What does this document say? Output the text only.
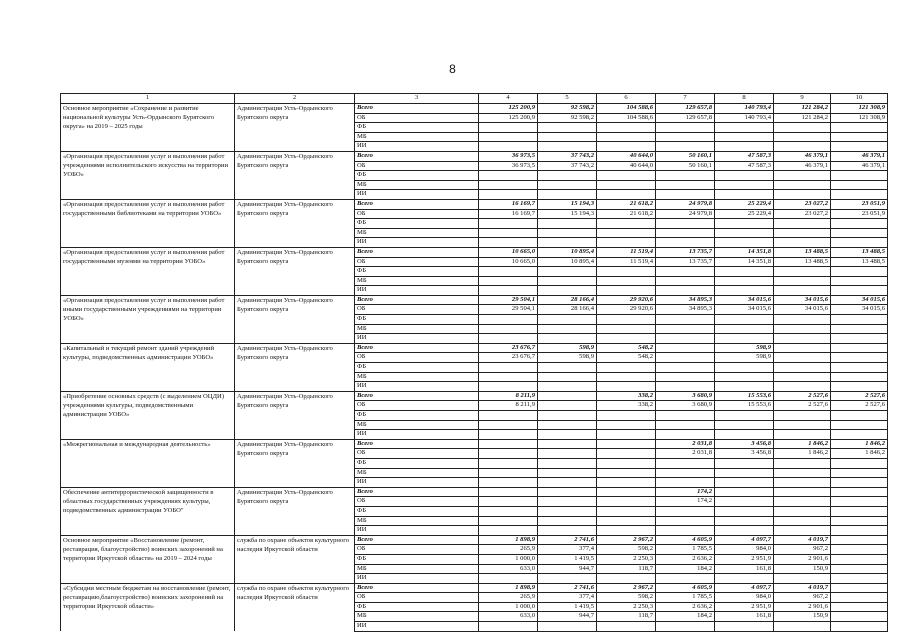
8
1	2	3	4	5	6	7	8	9	10

Основное мероприятие «Сохранение и развитие национальной культуры Усть-Ордынского Бурятского округа» на 2019 – 2025 годы	Администрация Усть-Ордынского Бурятского округа	Всего	125 200,9	92 598,2	104 588,6	129 657,8	140 793,4	121 284,2	121 308,9
		ОБ	125 200,9	92 598,2	104 588,6	129 657,8	140 793,4	121 284,2	121 308,9
		ФБ							
		МБ							
		ИИ							

«Организация предоставления услуг и выполнения работ учреждениями исполнительского искусства на территории УОБО»	Администрация Усть-Ордынского Бурятского округа	Всего	36 973,5	37 743,2	40 644,0	50 160,1	47 587,3	46 379,1	46 379,1
		ОБ	36 973,5	37 743,2	40 644,0	50 160,1	47 587,3	46 379,1	46 379,1
		ФБ							
		МБ							
		ИИ							

«Организация предоставления услуг и выполнения работ государственными библиотеками на территории УОБО»	Администрация Усть-Ордынского Бурятского округа	Всего	16 169,7	15 194,3	21 618,2	24 979,8	25 229,4	23 027,2	23 051,9
		ОБ	16 169,7	15 194,3	21 618,2	24 979,8	25 229,4	23 027,2	23 051,9
		ФБ							
		МБ							
		ИИ							

«Организация предоставления услуг и выполнения работ государственными музеями на территории УОБО»	Администрация Усть-Ордынского Бурятского округа	Всего	10 665,0	10 895,4	11 519,4	13 735,7	14 351,8	13 488,5	13 488,5
		ОБ	10 665,0	10 895,4	11 519,4	13 735,7	14 351,8	13 488,5	13 488,5
		ФБ							
		МБ							
		ИИ							

«Организация предоставления услуг и выполнения работ иными государственными учреждениями на территории УОБО»	Администрация Усть-Ордынского Бурятского округа	Всего	29 504,1	28 166,4	29 920,6	34 895,3	34 015,6	34 015,6	34 015,6
		ОБ	29 504,1	28 166,4	29 920,6	34 895,3	34 015,6	34 015,6	34 015,6
		ФБ							
		МБ							
		ИИ							

«Капитальный и текущий ремонт зданий учреждений культуры, подведомственных администрации УОБО»	Администрация Усть-Ордынского Бурятского округа	Всего	23 676,7	598,9	548,2		598,9		
		ОБ	23 676,7	598,9	548,2		598,9		
		ФБ							
		МБ							
		ИИ							

«Приобретение основных средств (с выделением ОЦДИ) учреждениями культуры, подведомственными администрации УОБО»	Администрация Усть-Ордынского Бурятского округа	Всего	8 211,9		338,2	3 680,9	15 553,6	2 527,6	2 527,6
		ОБ	8 211,9		338,2	3 680,9	15 553,6	2 527,6	2 527,6
		ФБ							
		МБ							
		ИИ							

«Межрегиональная и международная деятельность»	Администрация Усть-Ордынского Бурятского округа	Всего				2 031,8	3 456,8	1 846,2	1 846,2
		ОБ				2 031,8	3 456,8	1 846,2	1 846,2
		ФБ							
		МБ							
		ИИ							

Обеспечение антитеррористической защищенности в областных государственных учреждениях культуры, подведомственных администрации УОБО"	Администрация Усть-Ордынского Бурятского округа	Всего				174,2			
		ОБ				174,2			
		ФБ							
		МБ							
		ИИ							

Основное мероприятие «Восстановление (ремонт, реставрация, благоустройство) воинских захоронений на территории Иркутской области» на 2019 – 2024 годы	служба по охране объектов культурного наследия Иркутской области	Всего	1 898,9	2 741,6	2 967,2	4 605,9	4 097,7	4 019,7	
		ОБ	265,9	377,4	598,2	1 785,5	984,0	967,2	
		ФБ	1 000,0	1 419,5	2 250,3	2 636,2	2 951,9	2 901,6	
		МБ	633,0	944,7	118,7	184,2	161,8	150,9	
		ИИ							

«Субсидии местным бюджетам на восстановление (ремонт, реставрацию,благоустройство) воинских захоронений на территории Иркутской области»	служба по охране объектов культурного наследия Иркутской области	Всего	1 898,9	2 741,6	2 967,2	4 605,9	4 097,7	4 019,7	
		ОБ	265,9	377,4	598,2	1 785,5	984,0	967,2	
		ФБ	1 000,0	1 419,5	2 250,3	2 636,2	2 951,9	2 901,6	
		МБ	633,0	944,7	118,7	184,2	161,8	150,9	
		ИИ							
